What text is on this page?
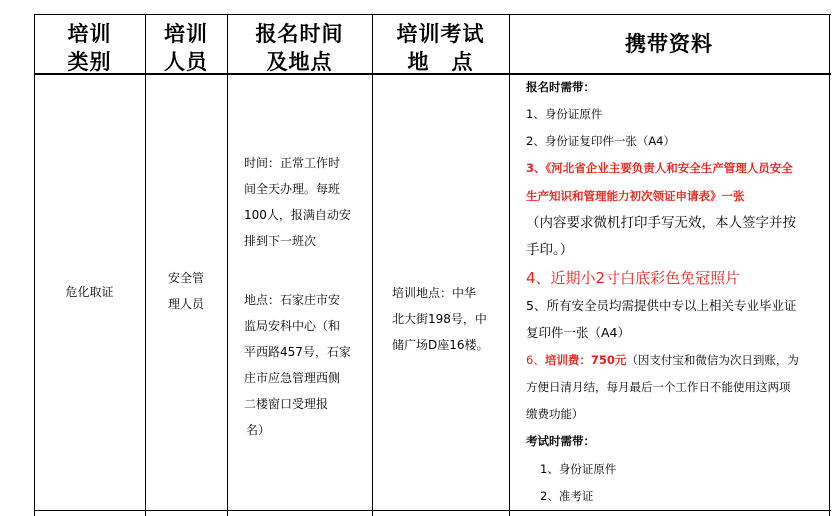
培训
类别
培训
人员
报名时间
及地点
培训考试
地　点
携带资料
危化取证
安全管
理人员
时间：正常工作时
间全天办理。每班
100人，报满自动安
排到下一班次
地点：石家庄市安
监局安科中心（和
平西路457号，石家
庄市应急管理西侧
二楼窗口受理报
名）
培训地点：中华
北大街198号，中
储广场D座16楼。
报名时需带：
1、身份证原件
2、身份证复印件一张（A4）
3、《河北省企业主要负责人和安全生产管理人员安全
生产知识和管理能力初次领证申请表》一张
（内容要求微机打印手写无效，本人签字并按
手印。）
4、近期小2寸白底彩色免冠照片
5、所有安全员均需提供中专以上相关专业毕业证
复印件一张（A4）
6、培训费：750元（因支付宝和微信为次日到账，为
方便日清月结，每月最后一个工作日不能使用这两项
缴费功能）
考试时需带：
1、身份证原件
2、准考证
